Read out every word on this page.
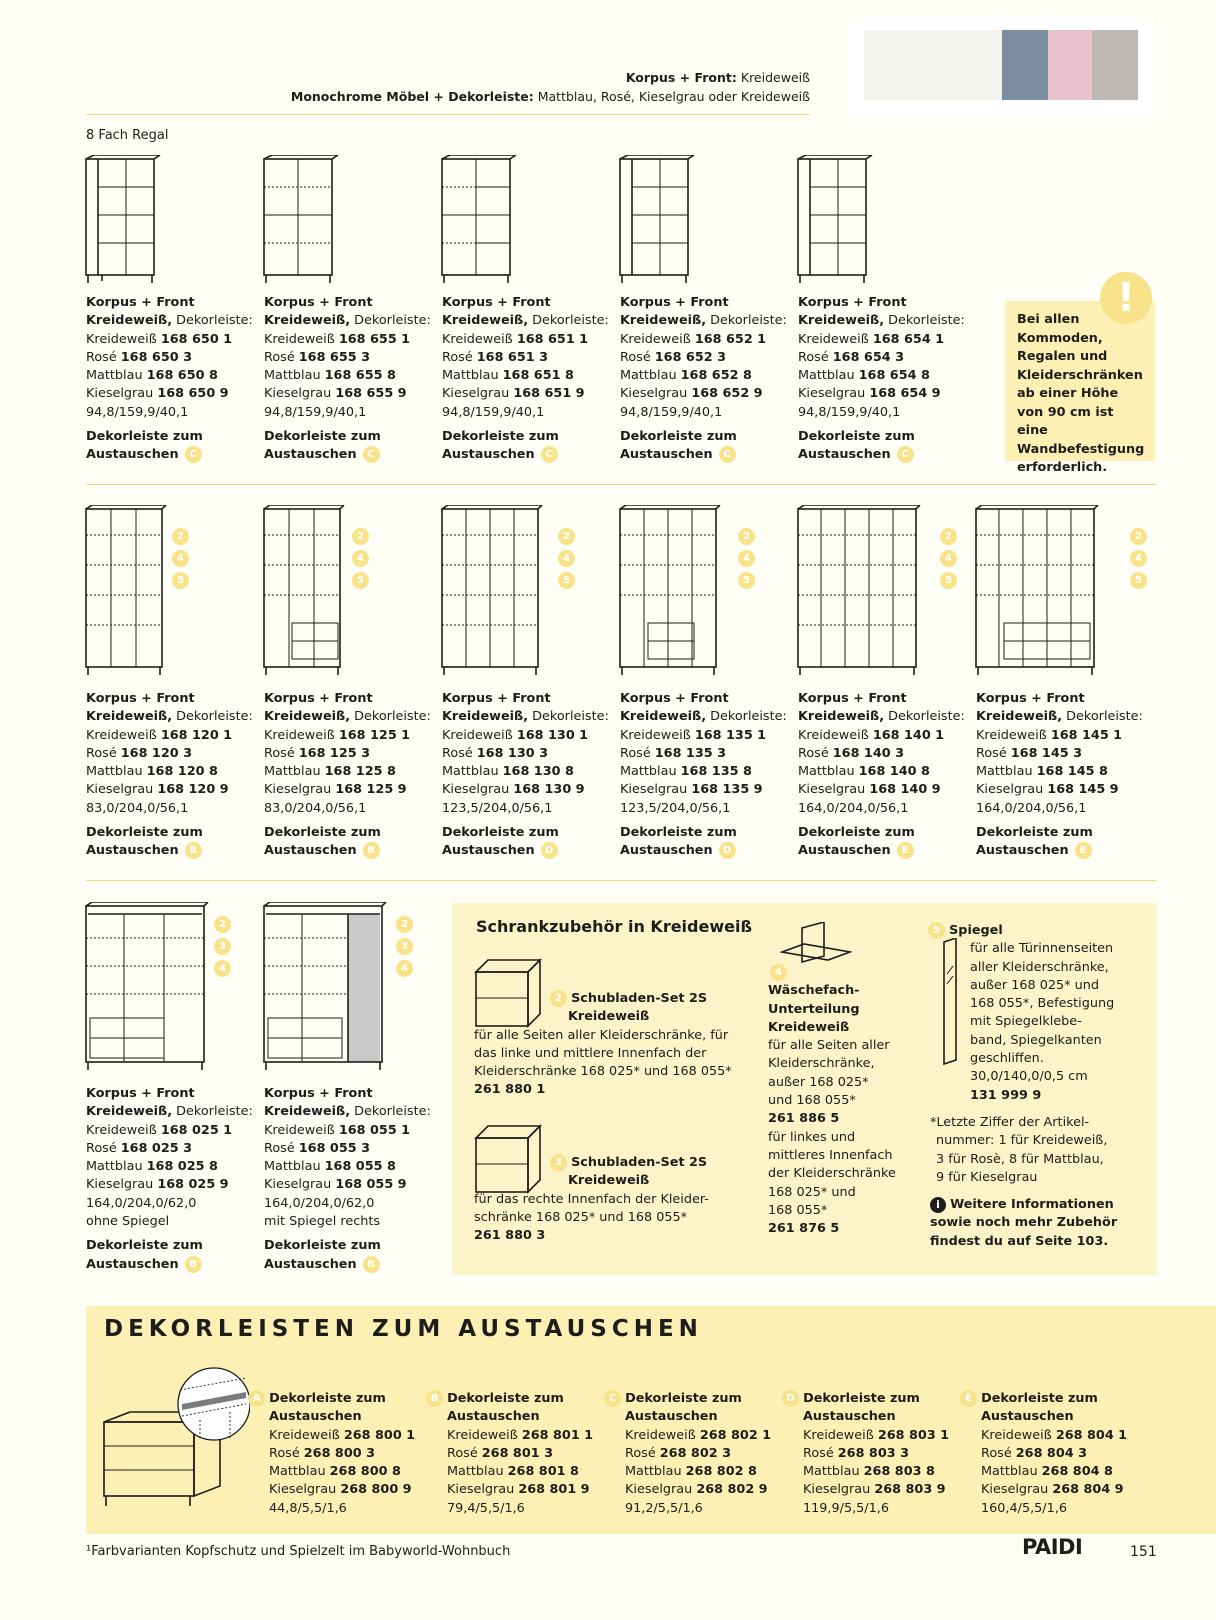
Korpus + Front: Kreideweiß
Monochrome Möbel + Dekorleiste: Mattblau, Rosé, Kieselgrau oder Kreideweiß
8 Fach Regal
Korpus + Front
Kreideweiß, Dekorleiste:
Kreideweiß 168 650 1
Rosé 168 650 3
Mattblau 168 650 8
Kieselgrau 168 650 9
94,8/159,9/40,1
Dekorleiste zum
Austauschen C
Korpus + Front
Kreideweiß, Dekorleiste:
Kreideweiß 168 655 1
Rosé 168 655 3
Mattblau 168 655 8
Kieselgrau 168 655 9
94,8/159,9/40,1
Dekorleiste zum
Austauschen C
Korpus + Front
Kreideweiß, Dekorleiste:
Kreideweiß 168 651 1
Rosé 168 651 3
Mattblau 168 651 8
Kieselgrau 168 651 9
94,8/159,9/40,1
Dekorleiste zum
Austauschen C
Korpus + Front
Kreideweiß, Dekorleiste:
Kreideweiß 168 652 1
Rosé 168 652 3
Mattblau 168 652 8
Kieselgrau 168 652 9
94,8/159,9/40,1
Dekorleiste zum
Austauschen C
Korpus + Front
Kreideweiß, Dekorleiste:
Kreideweiß 168 654 1
Rosé 168 654 3
Mattblau 168 654 8
Kieselgrau 168 654 9
94,8/159,9/40,1
Dekorleiste zum
Austauschen C
Bei allen Kommoden, Regalen und Kleiderschränken ab einer Höhe von 90 cm ist eine Wandbefestigung erforderlich.
!
2
4
5
2
4
5
2
4
5
2
4
5
2
4
5
2
4
5
Korpus + Front
Kreideweiß, Dekorleiste:
Kreideweiß 168 120 1
Rosé 168 120 3
Mattblau 168 120 8
Kieselgrau 168 120 9
83,0/204,0/56,1
Dekorleiste zum
Austauschen B
Korpus + Front
Kreideweiß, Dekorleiste:
Kreideweiß 168 125 1
Rosé 168 125 3
Mattblau 168 125 8
Kieselgrau 168 125 9
83,0/204,0/56,1
Dekorleiste zum
Austauschen B
Korpus + Front
Kreideweiß, Dekorleiste:
Kreideweiß 168 130 1
Rosé 168 130 3
Mattblau 168 130 8
Kieselgrau 168 130 9
123,5/204,0/56,1
Dekorleiste zum
Austauschen D
Korpus + Front
Kreideweiß, Dekorleiste:
Kreideweiß 168 135 1
Rosé 168 135 3
Mattblau 168 135 8
Kieselgrau 168 135 9
123,5/204,0/56,1
Dekorleiste zum
Austauschen D
Korpus + Front
Kreideweiß, Dekorleiste:
Kreideweiß 168 140 1
Rosé 168 140 3
Mattblau 168 140 8
Kieselgrau 168 140 9
164,0/204,0/56,1
Dekorleiste zum
Austauschen E
Korpus + Front
Kreideweiß, Dekorleiste:
Kreideweiß 168 145 1
Rosé 168 145 3
Mattblau 168 145 8
Kieselgrau 168 145 9
164,0/204,0/56,1
Dekorleiste zum
Austauschen E
2
3
4
2
3
4
Korpus + Front
Kreideweiß, Dekorleiste:
Kreideweiß 168 025 1
Rosé 168 025 3
Mattblau 168 025 8
Kieselgrau 168 025 9
164,0/204,0/62,0
ohne Spiegel
Dekorleiste zum
Austauschen B
Korpus + Front
Kreideweiß, Dekorleiste:
Kreideweiß 168 055 1
Rosé 168 055 3
Mattblau 168 055 8
Kieselgrau 168 055 9
164,0/204,0/62,0
mit Spiegel rechts
Dekorleiste zum
Austauschen B
Schrankzubehör in Kreideweiß
2 Schubladen-Set 2S
Kreideweiß
für alle Seiten aller Kleiderschränke, für
das linke und mittlere Innenfach der
Kleiderschränke 168 025* und 168 055*
261 880 1
3 Schubladen-Set 2S
Kreideweiß
für das rechte Innenfach der Kleider-
schränke 168 025* und 168 055*
261 880 3
4
Wäschefach-
Unterteilung
Kreideweiß
für alle Seiten aller
Kleiderschränke,
außer 168 025*
und 168 055*
261 886 5
für linkes und
mittleres Innenfach
der Kleiderschränke
168 025* und
168 055*
261 876 5
5 Spiegel
für alle Türinnenseiten
aller Kleiderschränke,
außer 168 025* und
168 055*, Befestigung
mit Spiegelklebe-
band, Spiegelkanten
geschliffen.
30,0/140,0/0,5 cm
131 999 9
*Letzte Ziffer der Artikel-
nummer: 1 für Kreideweiß,
3 für Rosè, 8 für Mattblau,
9 für Kieselgrau
i Weitere Informationen
sowie noch mehr Zubehör
findest du auf Seite 103.
DEKORLEISTEN ZUM AUSTAUSCHEN
A Dekorleiste zum
Austauschen
Kreideweiß 268 800 1
Rosé 268 800 3
Mattblau 268 800 8
Kieselgrau 268 800 9
44,8/5,5/1,6
B Dekorleiste zum
Austauschen
Kreideweiß 268 801 1
Rosé 268 801 3
Mattblau 268 801 8
Kieselgrau 268 801 9
79,4/5,5/1,6
C Dekorleiste zum
Austauschen
Kreideweiß 268 802 1
Rosé 268 802 3
Mattblau 268 802 8
Kieselgrau 268 802 9
91,2/5,5/1,6
D Dekorleiste zum
Austauschen
Kreideweiß 268 803 1
Rosé 268 803 3
Mattblau 268 803 8
Kieselgrau 268 803 9
119,9/5,5/1,6
E Dekorleiste zum
Austauschen
Kreideweiß 268 804 1
Rosé 268 804 3
Mattblau 268 804 8
Kieselgrau 268 804 9
160,4/5,5/1,6
¹Farbvarianten Kopfschutz und Spielzelt im Babyworld-Wohnbuch	PAIDI	151
